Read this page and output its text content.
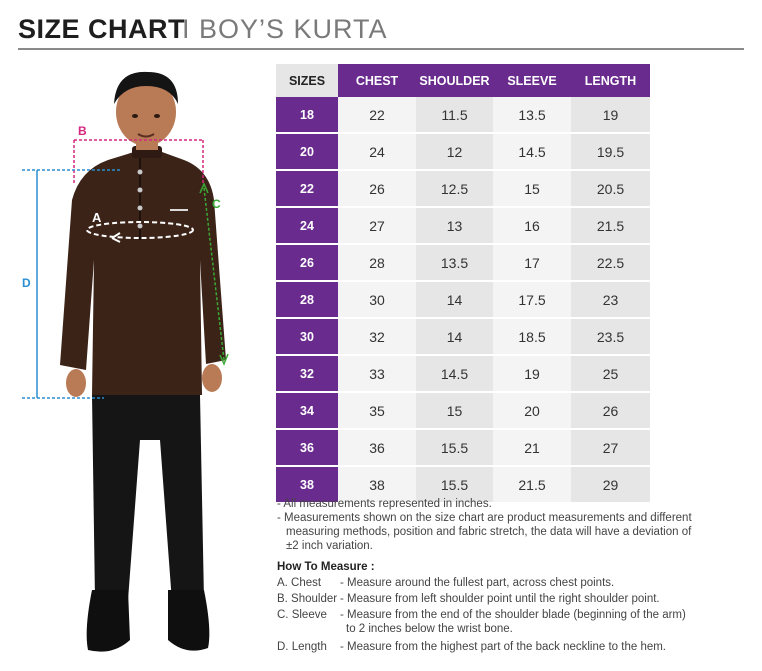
SIZE CHART
I BOY’S KURTA
B
A
C
D
SIZES	CHEST	SHOULDER	SLEEVE	LENGTH
18	22	11.5	13.5	19
20	24	12	14.5	19.5
22	26	12.5	15	20.5
24	27	13	16	21.5
26	28	13.5	17	22.5
28	30	14	17.5	23
30	32	14	18.5	23.5
32	33	14.5	19	25
34	35	15	20	26
36	36	15.5	21	27
38	38	15.5	21.5	29
- All measurements represented in inches.
- Measurements shown on the size chart are product measurements and different
measuring methods, position and fabric stretch, the data will have a deviation of
±2 inch variation.
How To Measure :
A. Chest - Measure around the fullest part, across chest points.
B. Shoulder - Measure from left shoulder point until the right shoulder point.
C. Sleeve - Measure from the end of the shoulder blade (beginning of the arm)
to 2 inches below the wrist bone.
D. Length - Measure from the highest part of the back neckline to the hem.
